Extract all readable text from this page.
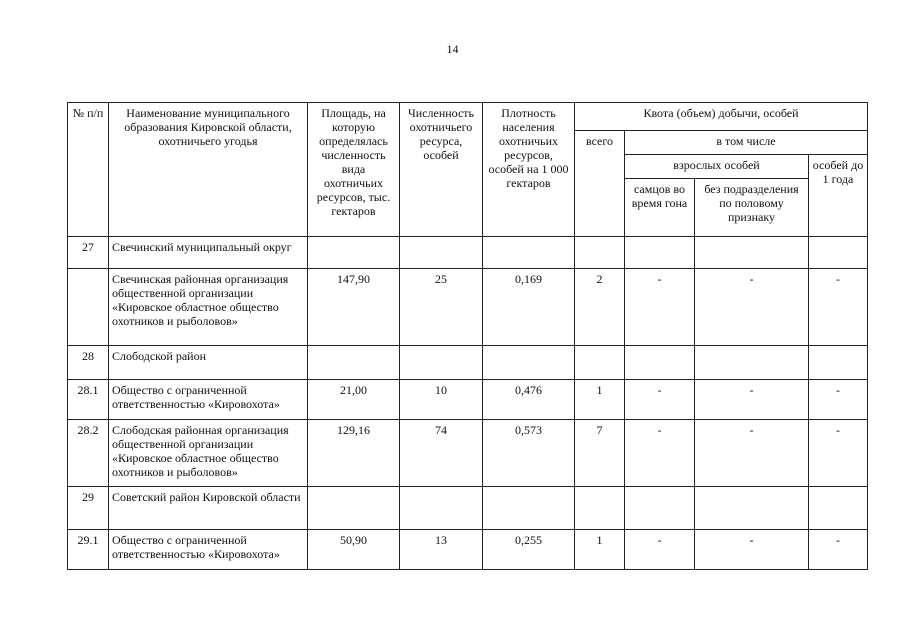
14
№ п/п	Наименование муниципального образования Кировской области, охотничьего угодья	Площадь, на которую определялась численность вида охотничьих ресурсов, тыс. гектаров	Численность охотничьего ресурса, особей	Плотность населения охотничьих ресурсов, особей на 1 000 гектаров	Квота (объем) добычи, особей			
					всего	в том числе		
						взрослых особей		особей до 1 года
						самцов во время гона	без подразделения по половому признаку	
27	Свечинский муниципальный округ							
	Свечинская районная организация общественной организации «Кировское областное общество охотников и рыболовов»	147,90	25	0,169	2	-	-	-
28	Слободской район							
28.1	Общество с ограниченной ответственностью «Кировохота»	21,00	10	0,476	1	-	-	-
28.2	Слободская районная организация общественной организации «Кировское областное общество охотников и рыболовов»	129,16	74	0,573	7	-	-	-
29	Советский район Кировской области							
29.1	Общество с ограниченной ответственностью «Кировохота»	50,90	13	0,255	1	-	-	-
